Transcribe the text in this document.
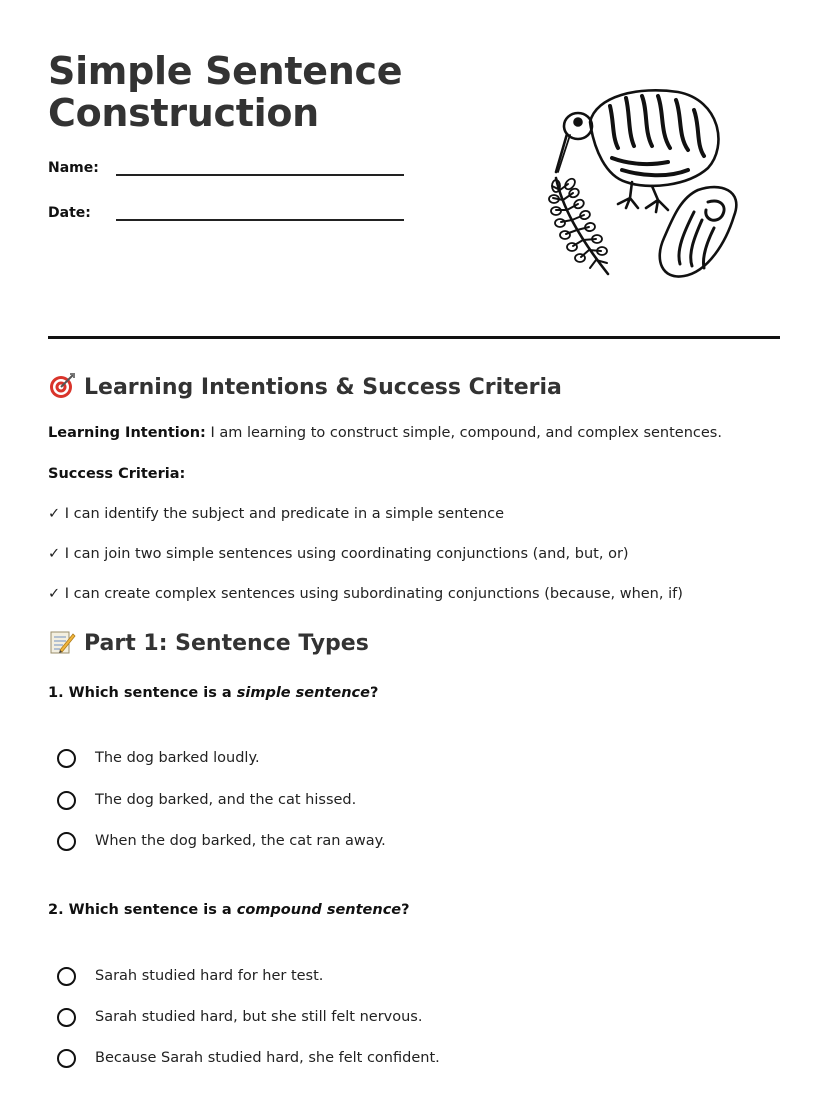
Simple Sentence
Construction
Name:
Date:
Learning Intentions & Success Criteria
Learning Intention: I am learning to construct simple, compound, and complex sentences.
Success Criteria:
✓ I can identify the subject and predicate in a simple sentence
✓ I can join two simple sentences using coordinating conjunctions (and, but, or)
✓ I can create complex sentences using subordinating conjunctions (because, when, if)
Part 1: Sentence Types
1. Which sentence is a simple sentence?
The dog barked loudly.
The dog barked, and the cat hissed.
When the dog barked, the cat ran away.
2. Which sentence is a compound sentence?
Sarah studied hard for her test.
Sarah studied hard, but she still felt nervous.
Because Sarah studied hard, she felt confident.
